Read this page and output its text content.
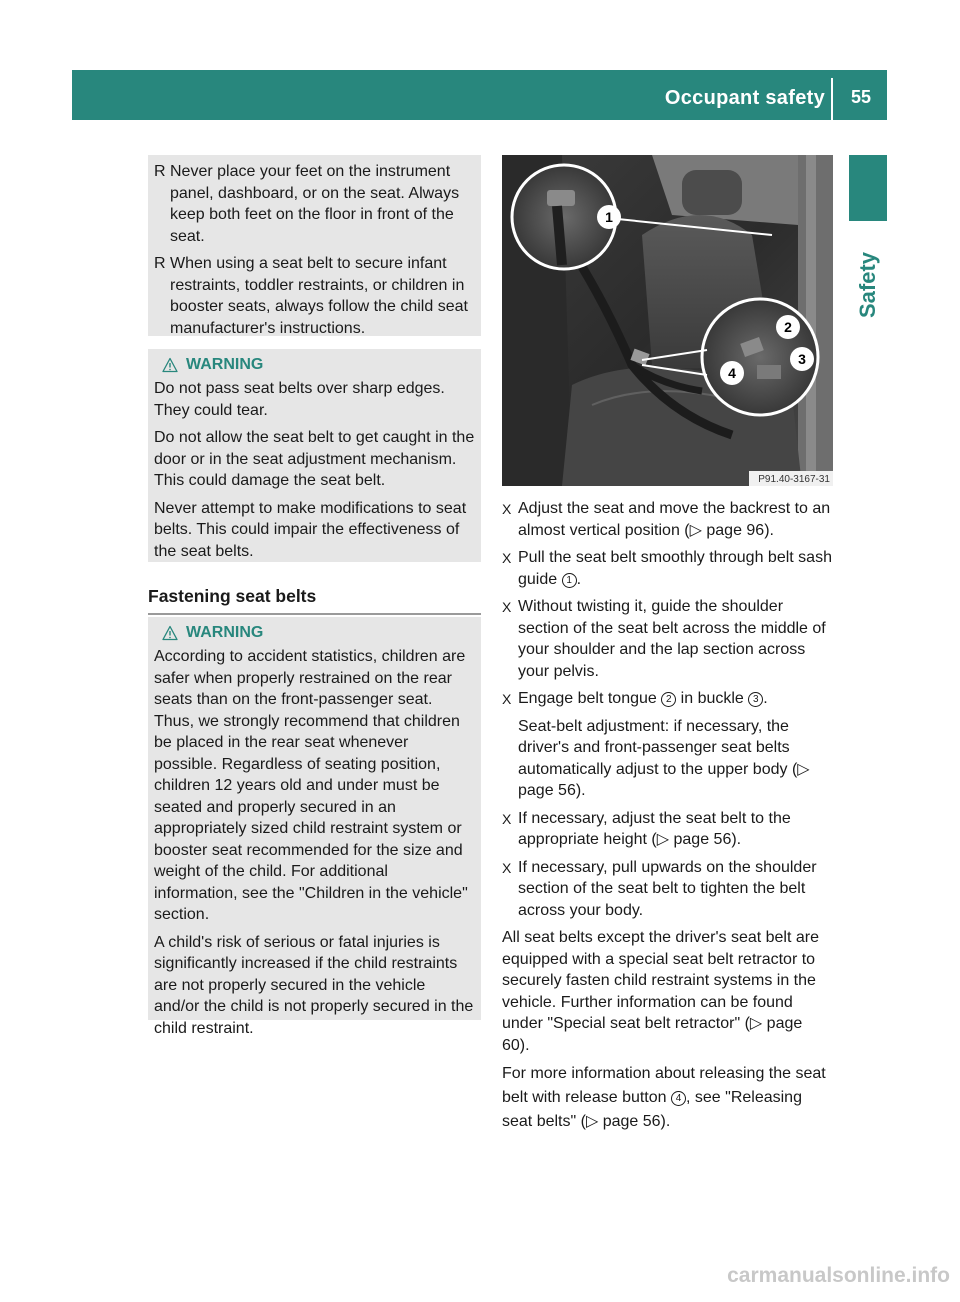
Occupant safety 55
Safety
R Never place your feet on the instrument panel, dashboard, or on the seat. Always keep both feet on the floor in front of the seat.
R When using a seat belt to secure infant restraints, toddler restraints, or children in booster seats, always follow the child seat manufacturer's instructions.
WARNING
Do not pass seat belts over sharp edges. They could tear.
Do not allow the seat belt to get caught in the door or in the seat adjustment mechanism. This could damage the seat belt.
Never attempt to make modifications to seat belts. This could impair the effectiveness of the seat belts.
Fastening seat belts
WARNING
According to accident statistics, children are safer when properly restrained on the rear seats than on the front-passenger seat. Thus, we strongly recommend that children be placed in the rear seat whenever possible. Regardless of seating position, children 12 years old and under must be seated and properly secured in an appropriately sized child restraint system or booster seat recommended for the size and weight of the child. For additional information, see the "Children in the vehicle" section.
A child's risk of serious or fatal injuries is significantly increased if the child restraints are not properly secured in the vehicle and/or the child is not properly secured in the child restraint.
1
2
3
4
P91.40-3167-31
X Adjust the seat and move the backrest to an almost vertical position (▷ page 96).
X Pull the seat belt smoothly through belt sash guide 1 .
X Without twisting it, guide the shoulder section of the seat belt across the middle of your shoulder and the lap section across your pelvis.
X Engage belt tongue 2 in buckle 3 .
Seat-belt adjustment: if necessary, the driver's and front-passenger seat belts automatically adjust to the upper body (▷ page 56).
X If necessary, adjust the seat belt to the appropriate height (▷ page 56).
X If necessary, pull upwards on the shoulder section of the seat belt to tighten the belt across your body.
All seat belts except the driver's seat belt are equipped with a special seat belt retractor to securely fasten child restraint systems in the vehicle. Further information can be found under "Special seat belt retractor" (▷ page 60).
For more information about releasing the seat belt with release button 4 , see "Releasing seat belts" (▷ page 56).
carmanualsonline.info
